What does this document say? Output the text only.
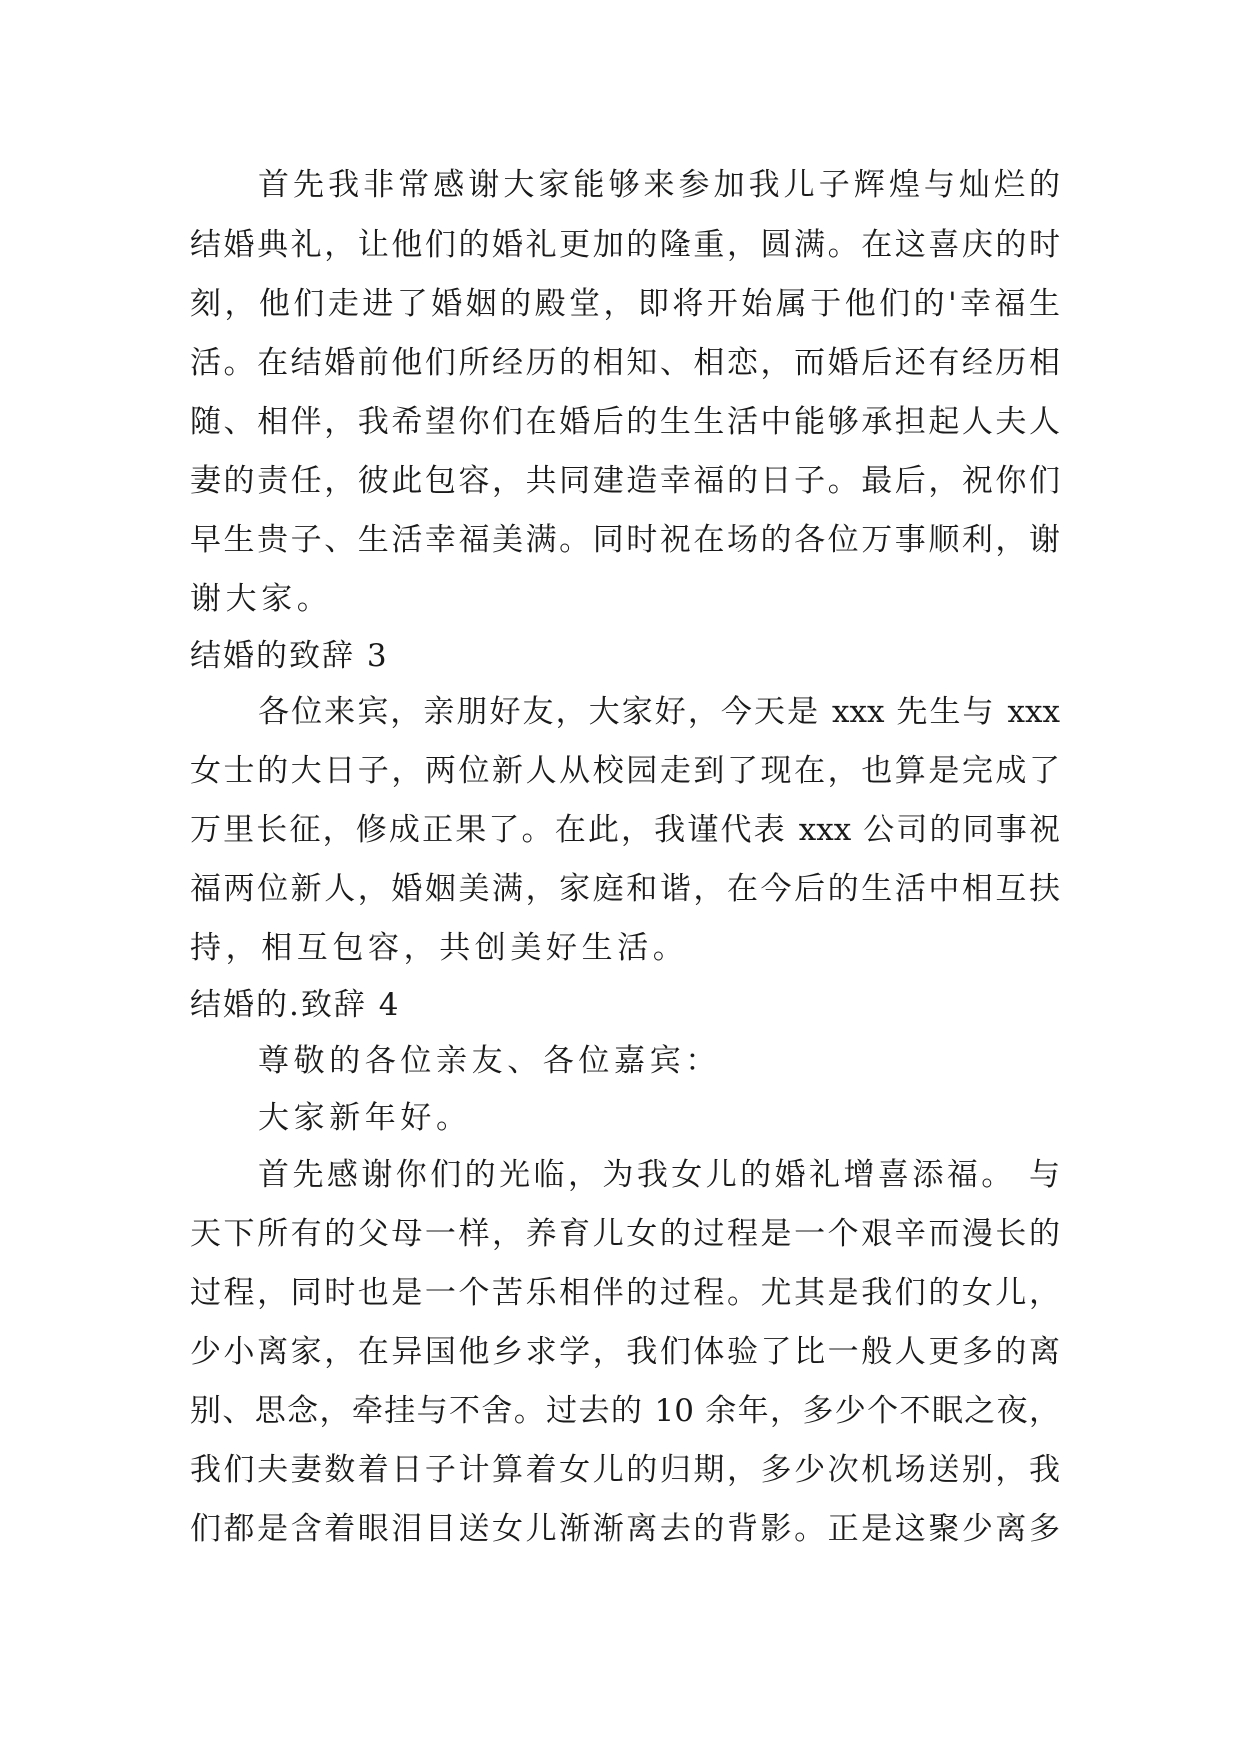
首先我非常感谢大家能够来参加我儿子辉煌与灿烂的
结婚典礼，让他们的婚礼更加的隆重，圆满。在这喜庆的时
刻，他们走进了婚姻的殿堂，即将开始属于他们的'幸福生
活。在结婚前他们所经历的相知、相恋，而婚后还有经历相
随、相伴，我希望你们在婚后的生生活中能够承担起人夫人
妻的责任，彼此包容，共同建造幸福的日子。最后，祝你们
早生贵子、生活幸福美满。同时祝在场的各位万事顺利，谢
谢大家。
结婚的致辞 3
各位来宾，亲朋好友，大家好，今天是 xxx 先生与 xxx
女士的大日子，两位新人从校园走到了现在，也算是完成了
万里长征，修成正果了。在此，我谨代表 xxx 公司的同事祝
福两位新人，婚姻美满，家庭和谐，在今后的生活中相互扶
持，相互包容，共创美好生活。
结婚的.致辞 4
尊敬的各位亲友、各位嘉宾：
大家新年好。
首先感谢你们的光临，为我女儿的婚礼增喜添福。 与
天下所有的父母一样，养育儿女的过程是一个艰辛而漫长的
过程，同时也是一个苦乐相伴的过程。尤其是我们的女儿，
少小离家，在异国他乡求学，我们体验了比一般人更多的离
别、思念，牵挂与不舍。过去的 10 余年，多少个不眠之夜，
我们夫妻数着日子计算着女儿的归期，多少次机场送别，我
们都是含着眼泪目送女儿渐渐离去的背影。正是这聚少离多
